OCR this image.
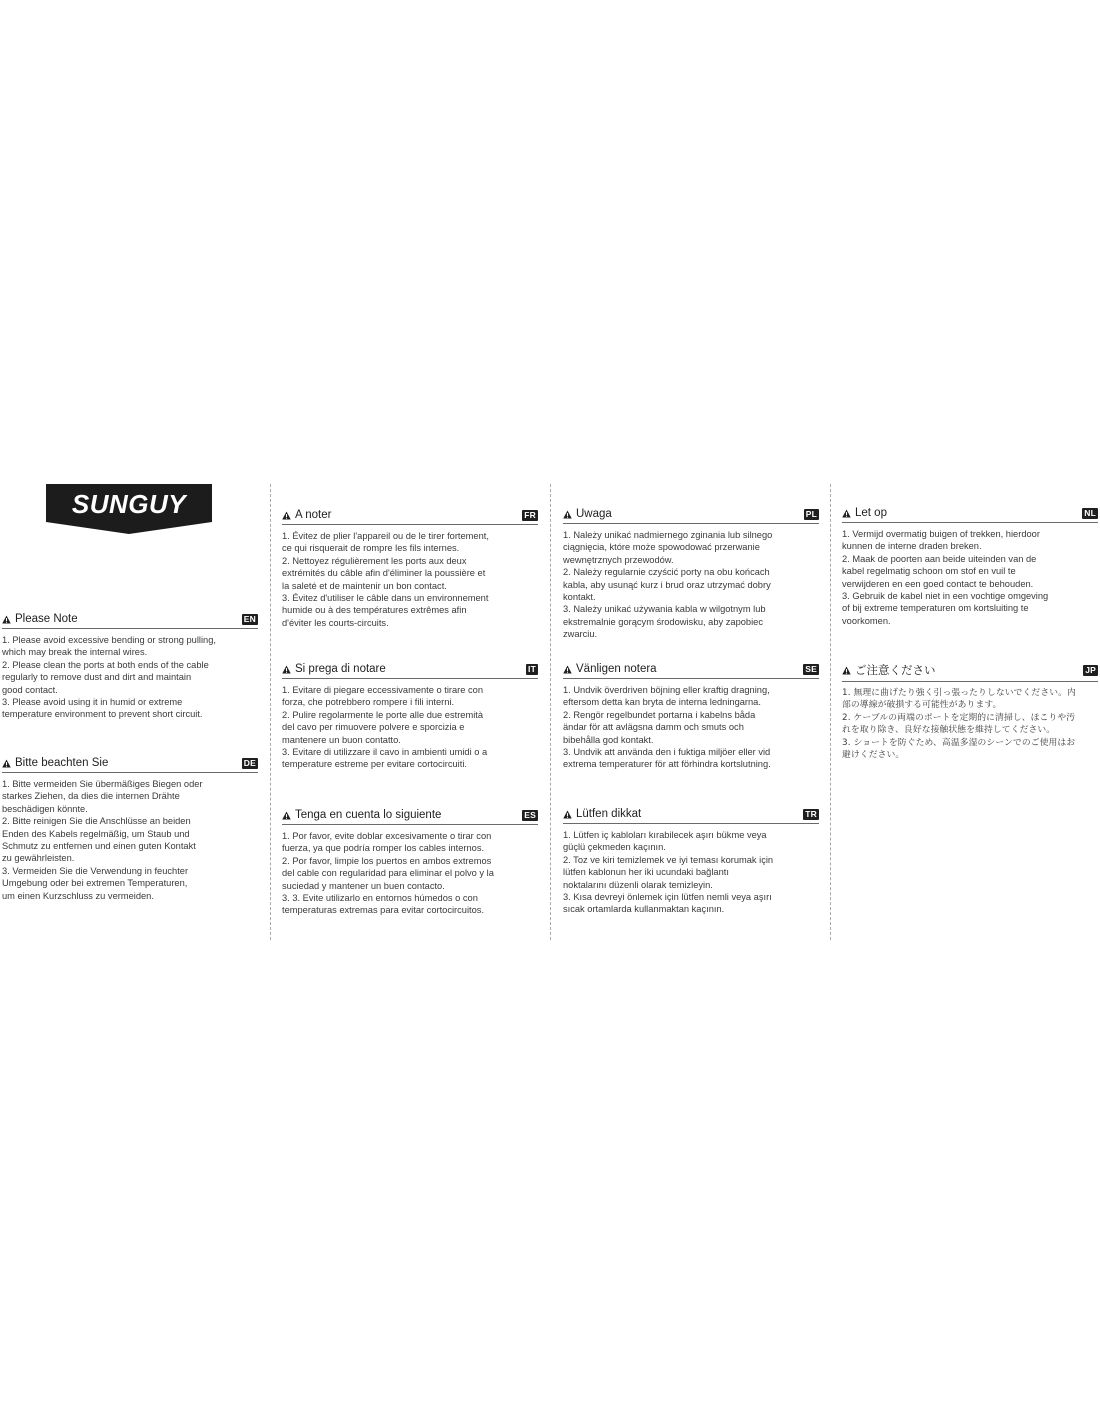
SUNGUY
Please Note	EN

1. Please avoid excessive bending or strong pulling,

which may break the internal wires.

2. Please clean the ports at both ends of the cable

regularly to remove dust and dirt and maintain

good contact.

3. Please avoid using it in humid or extreme

temperature environment to prevent short circuit.

Bitte beachten Sie	DE

1. Bitte vermeiden Sie übermäßiges Biegen oder

starkes Ziehen, da dies die internen Drähte

beschädigen könnte.

2. Bitte reinigen Sie die Anschlüsse an beiden

Enden des Kabels regelmäßig, um Staub und

Schmutz zu entfernen und einen guten Kontakt

zu gewährleisten.

3. Vermeiden Sie die Verwendung in feuchter

Umgebung oder bei extremen Temperaturen,

um einen Kurzschluss zu vermeiden.

A noter	FR

1. Évitez de plier l'appareil ou de le tirer fortement,

ce qui risquerait de rompre les fils internes.

2. Nettoyez régulièrement les ports aux deux

extrémités du câble afin d'éliminer la poussière et

la saleté et de maintenir un bon contact.

3. Évitez d'utiliser le câble dans un environnement

humide ou à des températures extrêmes afin

d'éviter les courts-circuits.

Si prega di notare	IT

1. Evitare di piegare eccessivamente o tirare con

forza, che potrebbero rompere i fili interni.

2. Pulire regolarmente le porte alle due estremità

del cavo per rimuovere polvere e sporcizia e

mantenere un buon contatto.

3. Evitare di utilizzare il cavo in ambienti umidi o a

temperature estreme per evitare cortocircuiti.

Tenga en cuenta lo siguiente	ES

1. Por favor, evite doblar excesivamente o tirar con

fuerza, ya que podría romper los cables internos.

2. Por favor, limpie los puertos en ambos extremos

del cable con regularidad para eliminar el polvo y la

suciedad y mantener un buen contacto.

3. 3. Evite utilizarlo en entornos húmedos o con

temperaturas extremas para evitar cortocircuitos.

Uwaga	PL

1. Należy unikać nadmiernego zginania lub silnego

ciągnięcia, które może spowodować przerwanie

wewnętrznych przewodów.

2. Należy regularnie czyścić porty na obu końcach

kabla, aby usunąć kurz i brud oraz utrzymać dobry

kontakt.

3. Należy unikać używania kabla w wilgotnym lub

ekstremalnie gorącym środowisku, aby zapobiec

zwarciu.

Vänligen notera	SE

1. Undvik överdriven böjning eller kraftig dragning,

eftersom detta kan bryta de interna ledningarna.

2. Rengör regelbundet portarna i kabelns båda

ändar för att avlägsna damm och smuts och

bibehålla god kontakt.

3. Undvik att använda den i fuktiga miljöer eller vid

extrema temperaturer för att förhindra kortslutning.

Lütfen dikkat	TR

1. Lütfen iç kabloları kırabilecek aşırı bükme veya

güçlü çekmeden kaçının.

2. Toz ve kiri temizlemek ve iyi teması korumak için

lütfen kablonun her iki ucundaki bağlantı

noktalarını düzenli olarak temizleyin.

3. Kısa devreyi önlemek için lütfen nemli veya aşırı

sıcak ortamlarda kullanmaktan kaçının.

Let op	NL

1. Vermijd overmatig buigen of trekken, hierdoor

kunnen de interne draden breken.

2. Maak de poorten aan beide uiteinden van de

kabel regelmatig schoon om stof en vuil te

verwijderen en een goed contact te behouden.

3. Gebruik de kabel niet in een vochtige omgeving

of bij extreme temperaturen om kortsluiting te

voorkomen.

ご注意ください	JP

1. 無理に曲げたり強く引っ張ったりしないでください。内

部の導線が破損する可能性があります。

2. ケーブルの両端のポートを定期的に清掃し、ほこりや汚

れを取り除き、良好な接触状態を維持してください。

3. ショートを防ぐため、高温多湿のシーンでのご使用はお

避けください。
